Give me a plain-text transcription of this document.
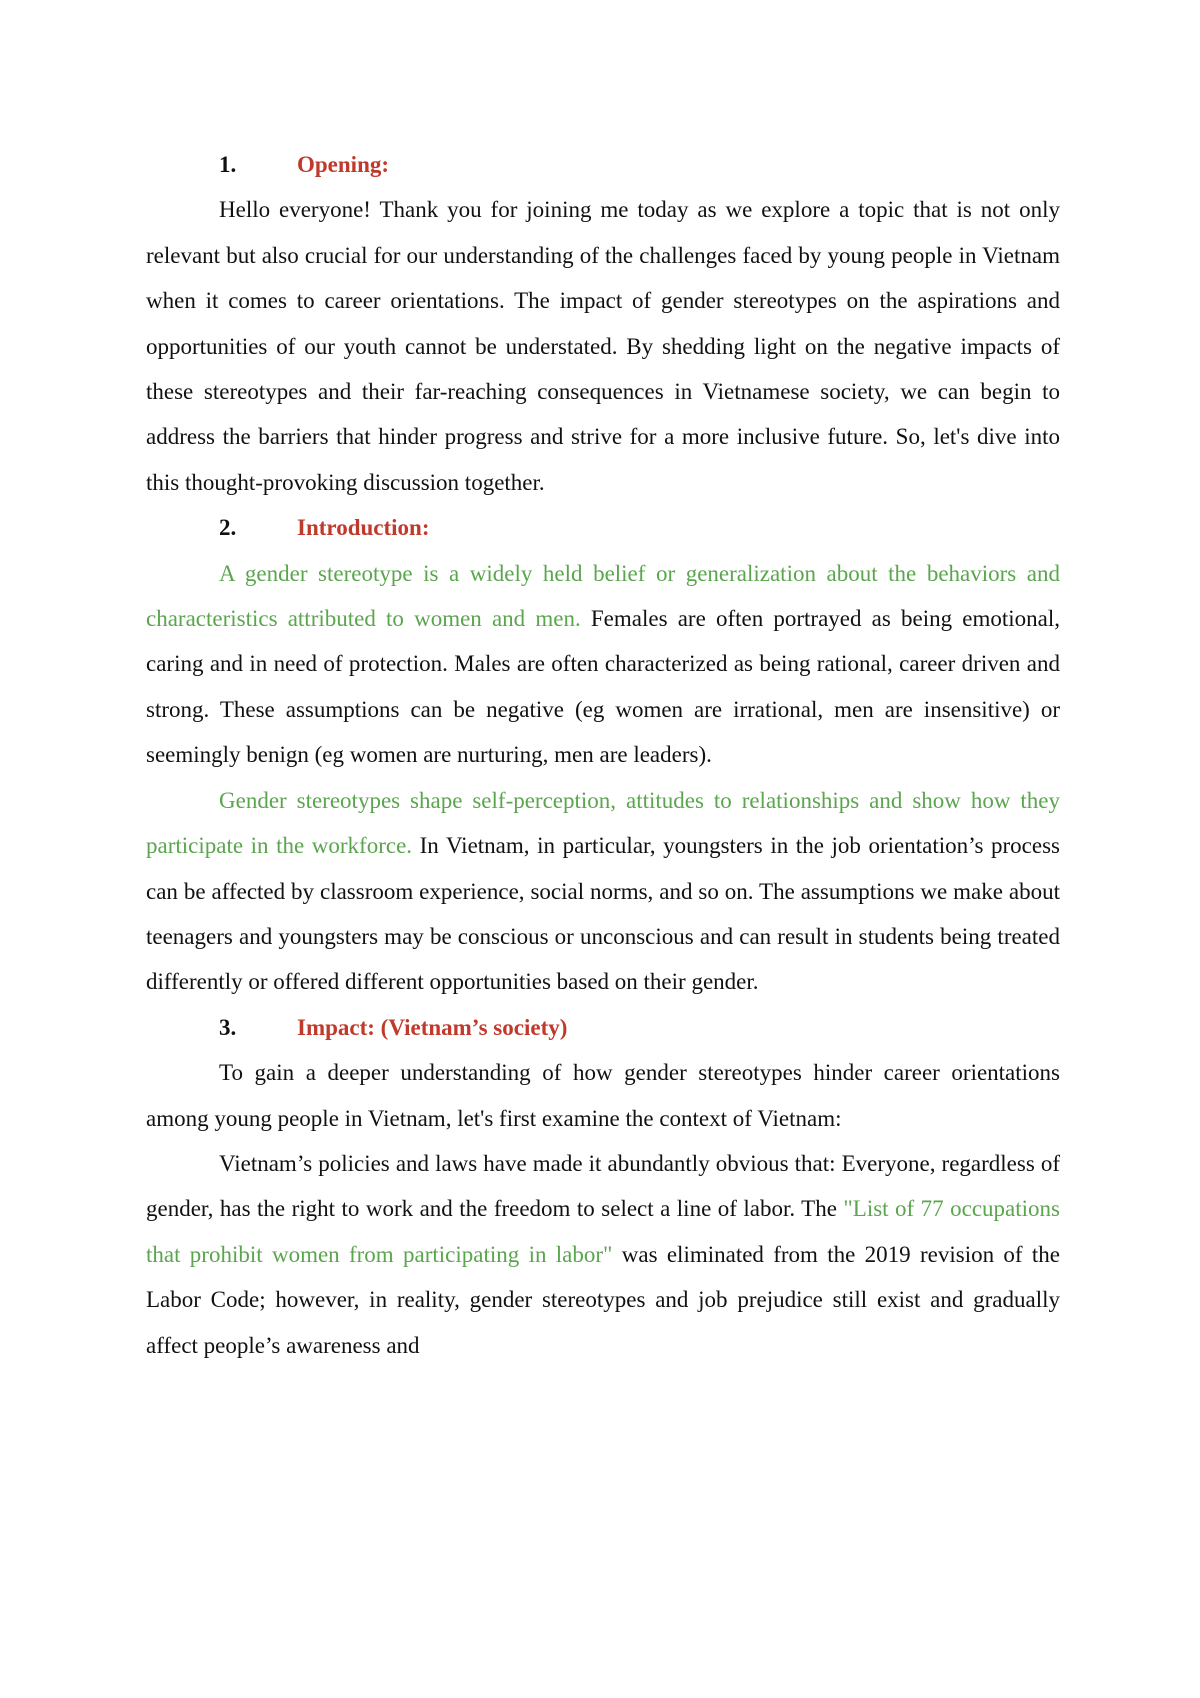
1.	Opening:

Hello everyone! Thank you for joining me today as we explore a topic that is not only relevant but also crucial for our understanding of the challenges faced by young people in Vietnam when it comes to career orientations. The impact of gender stereotypes on the aspirations and opportunities of our youth cannot be understated. By shedding light on the negative impacts of these stereotypes and their far-reaching consequences in Vietnamese society, we can begin to address the barriers that hinder progress and strive for a more inclusive future. So, let's dive into this thought-provoking discussion together.

2.	Introduction:

A gender stereotype is a widely held belief or generalization about the behaviors and characteristics attributed to women and men. Females are often portrayed as being emotional, caring and in need of protection. Males are often characterized as being rational, career driven and strong. These assumptions can be negative (eg women are irrational, men are insensitive) or seemingly benign (eg women are nurturing, men are leaders).

Gender stereotypes shape self-perception, attitudes to relationships and show how they participate in the workforce. In Vietnam, in particular, youngsters in the job orientation’s process can be affected by classroom experience, social norms, and so on. The assumptions we make about teenagers and youngsters may be conscious or unconscious and can result in students being treated differently or offered different opportunities based on their gender.

3.	Impact: (Vietnam’s society)

To gain a deeper understanding of how gender stereotypes hinder career orientations among young people in Vietnam, let's first examine the context of Vietnam:

Vietnam’s policies and laws have made it abundantly obvious that: Everyone, regardless of gender, has the right to work and the freedom to select a line of labor. The "List of 77 occupations that prohibit women from participating in labor" was eliminated from the 2019 revision of the Labor Code; however, in reality, gender stereotypes and job prejudice still exist and gradually affect people’s awareness and
